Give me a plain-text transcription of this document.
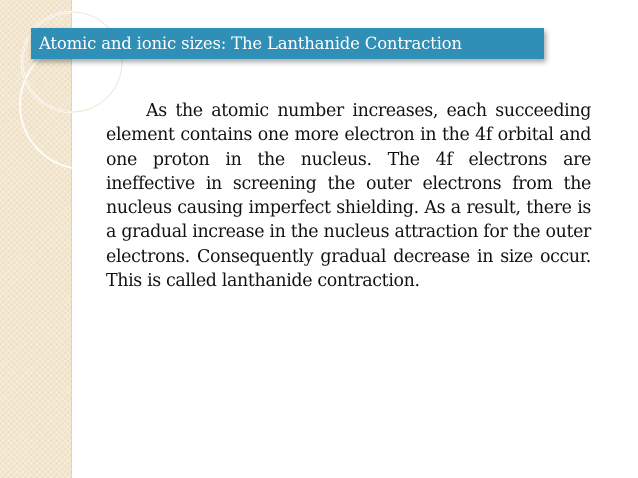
Atomic and ionic sizes: The Lanthanide Contraction

As the atomic number increases, each succeeding element contains one more electron in the 4f orbital and one proton in the nucleus. The 4f electrons are ineffective in screening the outer electrons from the nucleus causing imperfect shielding. As a result, there is a gradual increase in the nucleus attraction for the outer electrons. Consequently gradual decrease in size occur. This is called lanthanide contraction.
